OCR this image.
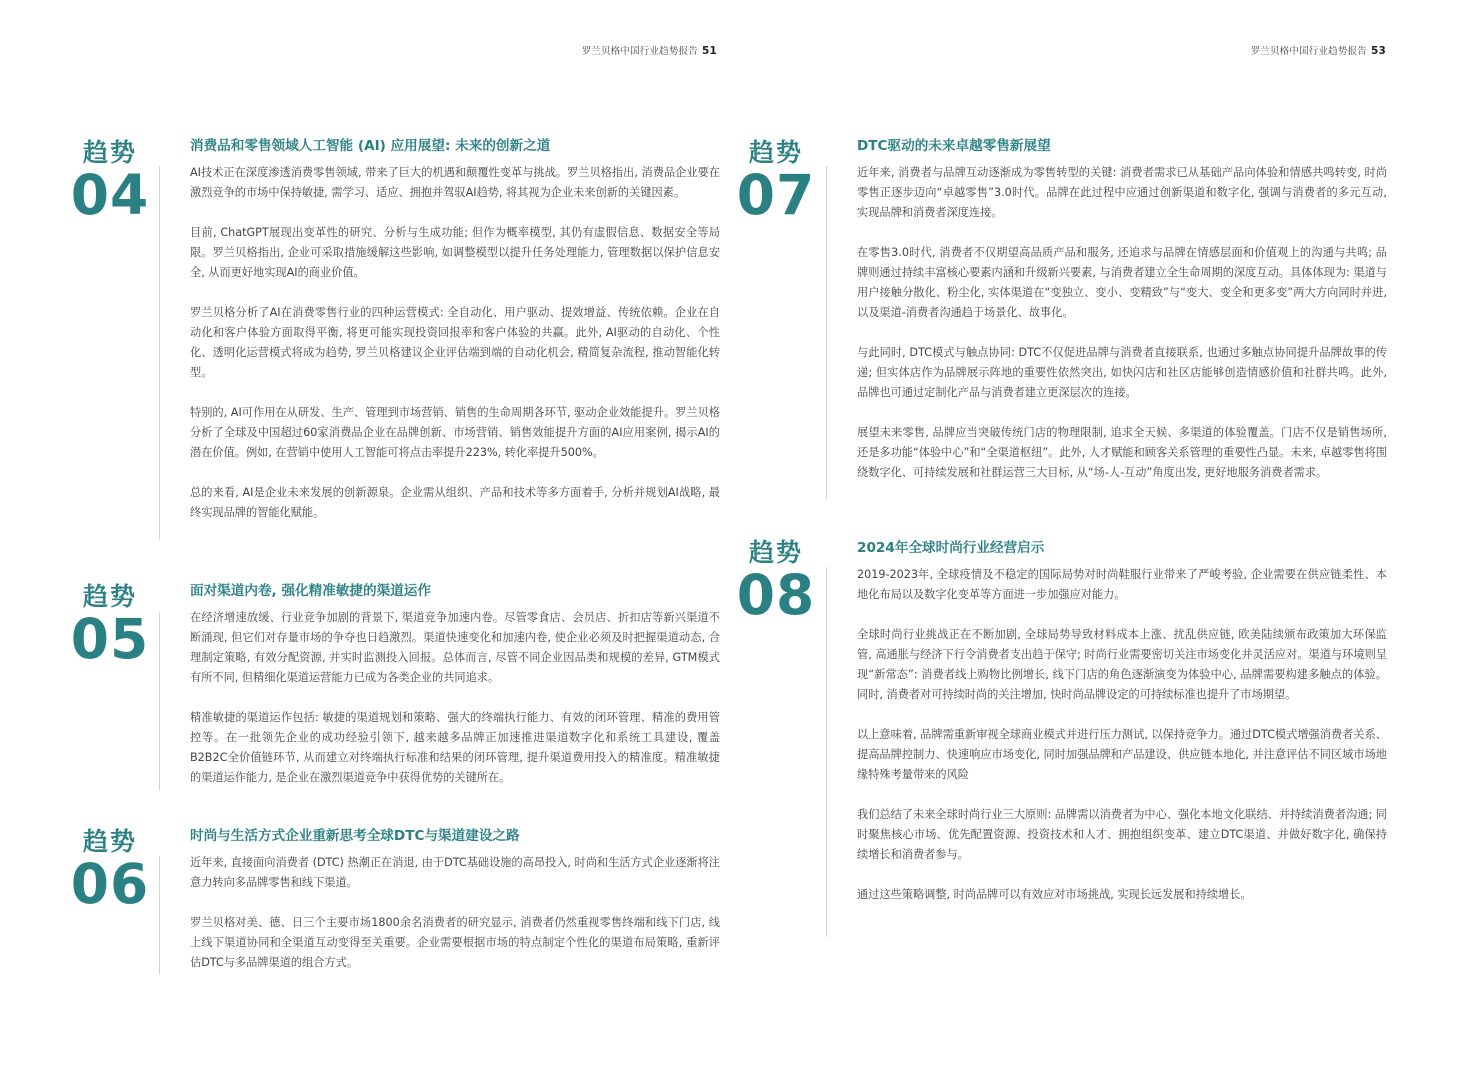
罗兰贝格中国行业趋势报告 51
趋势
04
消费品和零售领域人工智能 (AI) 应用展望: 未来的创新之道

AI技术正在深度渗透消费零售领域, 带来了巨大的机遇和颠覆性变革与挑战。罗兰贝格指出, 消费品企业要在激烈竞争的市场中保持敏捷, 需学习、适应、拥抱并驾驭AI趋势, 将其视为企业未来创新的关键因素。

目前, ChatGPT展现出变革性的研究、分析与生成功能; 但作为概率模型, 其仍有虚假信息、数据安全等局限。罗兰贝格指出, 企业可采取措施缓解这些影响, 如调整模型以提升任务处理能力, 管理数据以保护信息安全, 从而更好地实现AI的商业价值。

罗兰贝格分析了AI在消费零售行业的四种运营模式: 全自动化、用户驱动、提效增益、传统依赖。企业在自动化和客户体验方面取得平衡, 将更可能实现投资回报率和客户体验的共赢。此外, AI驱动的自动化、个性化、透明化运营模式将成为趋势, 罗兰贝格建议企业评估端到端的自动化机会, 精简复杂流程, 推动智能化转型。

特别的, AI可作用在从研发、生产、管理到市场营销、销售的生命周期各环节, 驱动企业效能提升。罗兰贝格分析了全球及中国超过60家消费品企业在品牌创新、市场营销、销售效能提升方面的AI应用案例, 揭示AI的潜在价值。例如, 在营销中使用人工智能可将点击率提升223%, 转化率提升500%。

总的来看, AI是企业未来发展的创新源泉。企业需从组织、产品和技术等多方面着手, 分析并规划AI战略, 最终实现品牌的智能化赋能。

趋势
05
面对渠道内卷, 强化精准敏捷的渠道运作

在经济增速放缓、行业竞争加剧的背景下, 渠道竞争加速内卷。尽管零食店、会员店、折扣店等新兴渠道不断涌现, 但它们对存量市场的争夺也日趋激烈。渠道快速变化和加速内卷, 使企业必须及时把握渠道动态, 合理制定策略, 有效分配资源, 并实时监测投入回报。总体而言, 尽管不同企业因品类和规模的差异, GTM模式有所不同, 但精细化渠道运营能力已成为各类企业的共同追求。

精准敏捷的渠道运作包括: 敏捷的渠道规划和策略、强大的终端执行能力、有效的闭环管理、精准的费用管控等。在一批领先企业的成功经验引领下, 越来越多品牌正加速推进渠道数字化和系统工具建设, 覆盖B2B2C全价值链环节, 从而建立对终端执行标准和结果的闭环管理, 提升渠道费用投入的精准度。精准敏捷的渠道运作能力, 是企业在激烈渠道竞争中获得优势的关键所在。

趋势
06
时尚与生活方式企业重新思考全球DTC与渠道建设之路

近年来, 直接面向消费者 (DTC) 热潮正在消退, 由于DTC基础设施的高昂投入, 时尚和生活方式企业逐渐将注意力转向多品牌零售和线下渠道。

罗兰贝格对美、德、日三个主要市场1800余名消费者的研究显示, 消费者仍然重视零售终端和线下门店, 线上线下渠道协同和全渠道互动变得至关重要。企业需要根据市场的特点制定个性化的渠道布局策略, 重新评估DTC与多品牌渠道的组合方式。

罗兰贝格中国行业趋势报告 53
趋势
07
DTC驱动的未来卓越零售新展望

近年来, 消费者与品牌互动逐渐成为零售转型的关键: 消费者需求已从基础产品向体验和情感共鸣转变, 时尚零售正逐步迈向“卓越零售”3.0时代。品牌在此过程中应通过创新渠道和数字化, 强调与消费者的多元互动, 实现品牌和消费者深度连接。

在零售3.0时代, 消费者不仅期望高品质产品和服务, 还追求与品牌在情感层面和价值观上的沟通与共鸣; 品牌则通过持续丰富核心要素内涵和升级新兴要素, 与消费者建立全生命周期的深度互动。具体体现为: 渠道与用户接触分散化、粉尘化, 实体渠道在“变独立、变小、变精致”与“变大、变全和更多变”两大方向同时并进, 以及渠道-消费者沟通趋于场景化、故事化。

与此同时, DTC模式与触点协同: DTC不仅促进品牌与消费者直接联系, 也通过多触点协同提升品牌故事的传递; 但实体店作为品牌展示阵地的重要性依然突出, 如快闪店和社区店能够创造情感价值和社群共鸣。此外, 品牌也可通过定制化产品与消费者建立更深层次的连接。

展望未来零售, 品牌应当突破传统门店的物理限制, 追求全天候、多渠道的体验覆盖。门店不仅是销售场所, 还是多功能“体验中心”和“全渠道枢纽”。此外, 人才赋能和顾客关系管理的重要性凸显。未来, 卓越零售将围绕数字化、可持续发展和社群运营三大目标, 从“场-人-互动”角度出发, 更好地服务消费者需求。

趋势
08
2024年全球时尚行业经营启示

2019-2023年, 全球疫情及不稳定的国际局势对时尚鞋服行业带来了严峻考验, 企业需要在供应链柔性、本地化布局以及数字化变革等方面进一步加强应对能力。

全球时尚行业挑战正在不断加剧, 全球局势导致材料成本上涨、扰乱供应链, 欧美陆续颁布政策加大环保监管, 高通胀与经济下行令消费者支出趋于保守; 时尚行业需要密切关注市场变化并灵活应对。渠道与环境则呈现“新常态”: 消费者线上购物比例增长, 线下门店的角色逐渐演变为体验中心, 品牌需要构建多触点的体验。同时, 消费者对可持续时尚的关注增加, 快时尚品牌设定的可持续标准也提升了市场期望。

以上意味着, 品牌需重新审视全球商业模式并进行压力测试, 以保持竞争力。通过DTC模式增强消费者关系、提高品牌控制力、快速响应市场变化, 同时加强品牌和产品建设、供应链本地化, 并注意评估不同区域市场地缘特殊考量带来的风险

我们总结了未来全球时尚行业三大原则: 品牌需以消费者为中心、强化本地文化联结、并持续消费者沟通; 同时聚焦核心市场、优先配置资源、投资技术和人才、拥抱组织变革、建立DTC渠道、并做好数字化, 确保持续增长和消费者参与。

通过这些策略调整, 时尚品牌可以有效应对市场挑战, 实现长远发展和持续增长。
